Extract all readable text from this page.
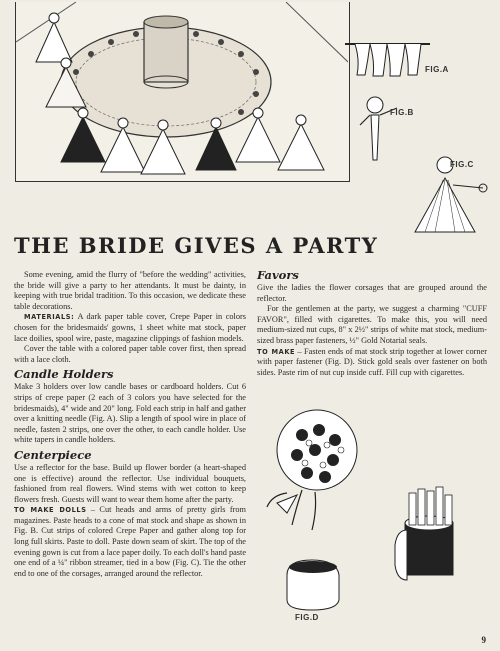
FIG.A
FIG.B
FIG.C
THE BRIDE GIVES A PARTY

Some evening, amid the flurry of "before the wedding" activities, the bride will give a party to her attendants. It must be dainty, in keeping with true bridal tradition. To this occasion, we dedicate these table decorations.

MATERIALS: A dark paper table cover, Crepe Paper in colors chosen for the bridesmaids' gowns, 1 sheet white mat stock, paper lace doilies, spool wire, paste, magazine clippings of fashion models.

Cover the table with a colored paper table cover first, then spread with a lace cloth.

Candle Holders

Make 3 holders over low candle bases or cardboard holders. Cut 6 strips of crepe paper (2 each of 3 colors you have selected for the bridesmaids), 4" wide and 20" long. Fold each strip in half and gather over a knitting needle (Fig. A). Slip a length of spool wire in place of needle, fasten 2 strips, one over the other, to each candle holder. Use white tapers in candle holders.

Centerpiece

Use a reflector for the base. Build up flower border (a heart-shaped one is effective) around the reflector. Use individual bouquets, fashioned from real flowers. Wind stems with wet cotton to keep flowers fresh. Guests will want to wear them home after the party.

TO MAKE DOLLS – Cut heads and arms of pretty girls from magazines. Paste heads to a cone of mat stock and shape as shown in Fig. B. Cut strips of colored Crepe Paper and gather along top for long full skirts. Paste to doll. Paste down seam of skirt. The top of the evening gown is cut from a lace paper doily. To each doll's hand paste one end of a ¼" ribbon streamer, tied in a bow (Fig. C). Tie the other end to one of the corsages, arranged around the reflector.

Favors

Give the ladies the flower corsages that are grouped around the reflector.

For the gentlemen at the party, we suggest a charming "CUFF FAVOR", filled with cigarettes. To make this, you will need medium-sized nut cups, 8" x 2½" strips of white mat stock, medium-sized brass paper fasteners, ½" Gold Notarial seals.

TO MAKE – Fasten ends of mat stock strip together at lower corner with paper fastener (Fig. D). Stick gold seals over fastener on both sides. Paste rim of nut cup inside cuff. Fill cup with cigarettes.

FIG.D
9
